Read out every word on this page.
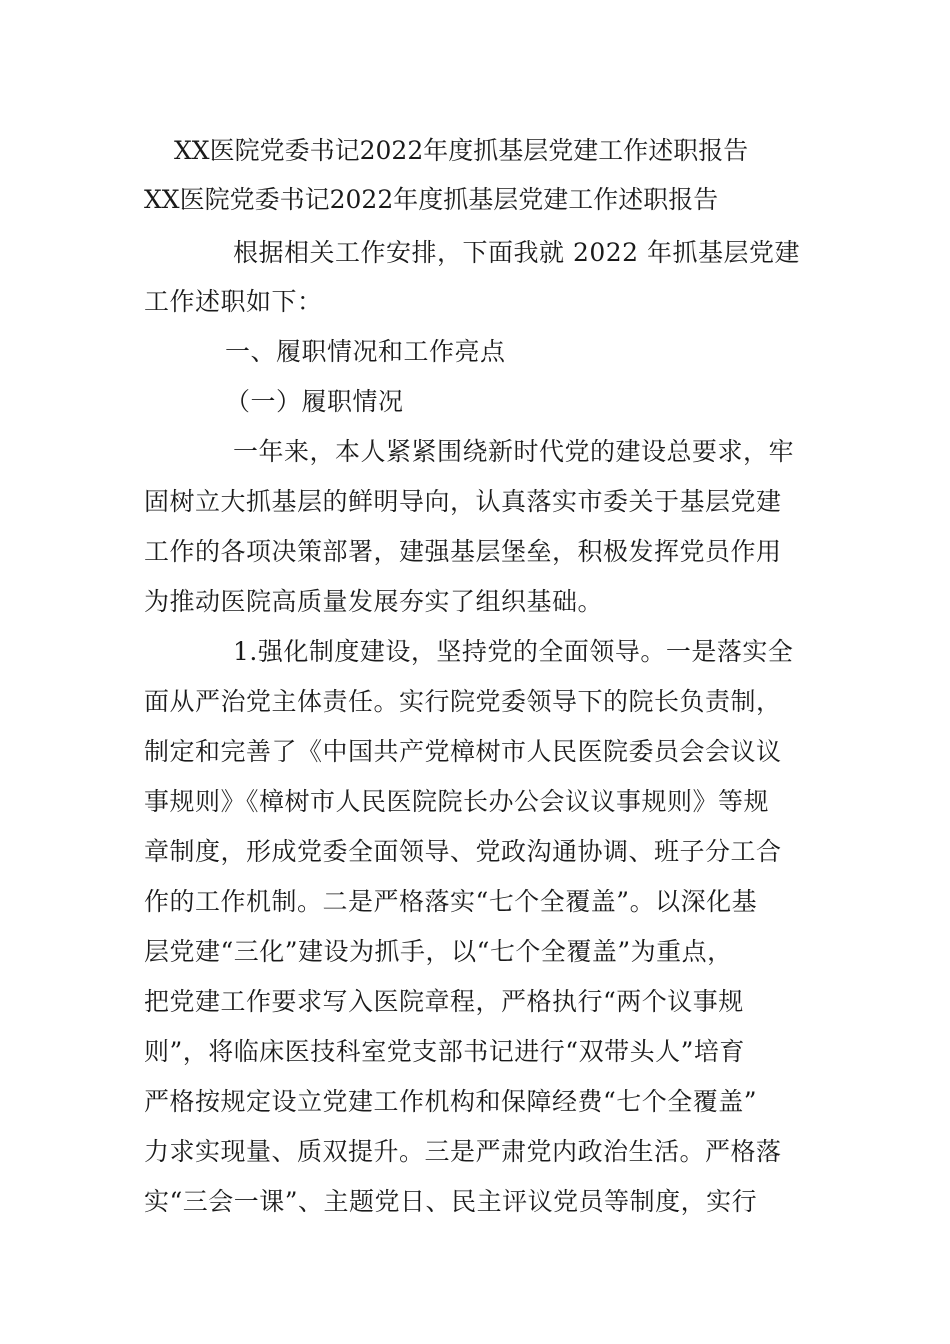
XX医院党委书记2022年度抓基层党建工作述职报告
XX医院党委书记2022年度抓基层党建工作述职报告
根据相关工作安排，下面我就 2022 年抓基层党建
工作述职如下：
一、履职情况和工作亮点
（一）履职情况
一年来，本人紧紧围绕新时代党的建设总要求，牢
固树立大抓基层的鲜明导向，认真落实市委关于基层党建
工作的各项决策部署，建强基层堡垒，积极发挥党员作用
为推动医院高质量发展夯实了组织基础。
1.强化制度建设，坚持党的全面领导。一是落实全
面从严治党主体责任。实行院党委领导下的院长负责制，
制定和完善了《中国共产党樟树市人民医院委员会会议议
事规则》《樟树市人民医院院长办公会议议事规则》等规
章制度，形成党委全面领导、党政沟通协调、班子分工合
作的工作机制。二是严格落实“七个全覆盖”。以深化基
层党建“三化”建设为抓手，以“七个全覆盖”为重点，
把党建工作要求写入医院章程，严格执行“两个议事规
则”，将临床医技科室党支部书记进行“双带头人”培育
严格按规定设立党建工作机构和保障经费“七个全覆盖”
力求实现量、质双提升。三是严肃党内政治生活。严格落
实“三会一课”、主题党日、民主评议党员等制度，实行
